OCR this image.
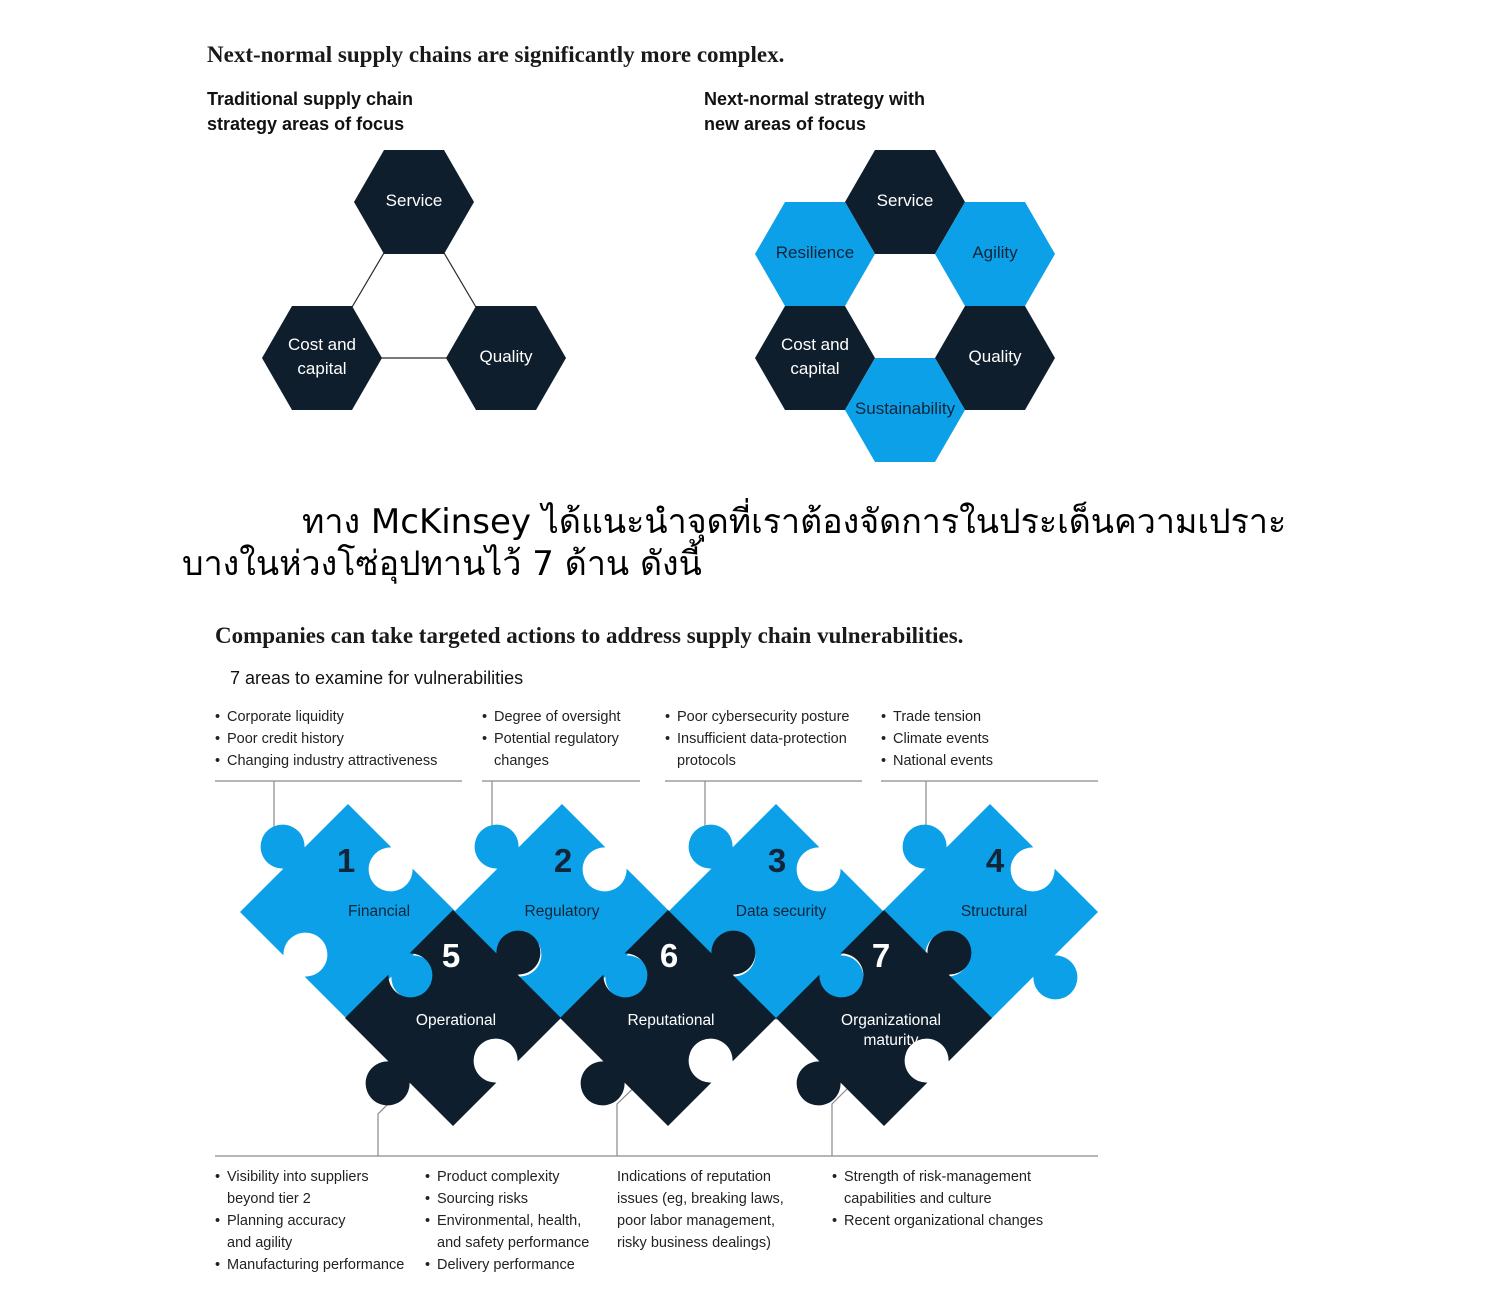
Next-normal supply chains are significantly more complex.
Traditional supply chain
strategy areas of focus
Next-normal strategy with
new areas of focus
Service
Cost and capital
Quality
Service
Resilience	Agility
Cost and capital
Quality
Sustainability
ทาง McKinsey ได้แนะนำจุดที่เราต้องจัดการในประเด็นความเปราะ
บางในห่วงโซ่อุปทานไว้ 7 ด้าน ดังนี้
Companies can take targeted actions to address supply chain vulnerabilities.
7 areas to examine for vulnerabilities
• Corporate liquidity
• Poor credit history
• Changing industry attractiveness
• Degree of oversight
• Potential regulatory
changes
• Poor cybersecurity posture
• Insufficient data-protection
protocols
• Trade tension
• Climate events
• National events
1
Financial
2
Regulatory
3
Data security
4
Structural
5
Operational
6
Reputational
7
Organizational maturity
• Visibility into suppliers
beyond tier 2
• Planning accuracy
and agility
• Manufacturing performance
• Product complexity
• Sourcing risks
• Environmental, health,
and safety performance
• Delivery performance
Indications of reputation
issues (eg, breaking laws,
poor labor management,
risky business dealings)
• Strength of risk-management
capabilities and culture
• Recent organizational changes
